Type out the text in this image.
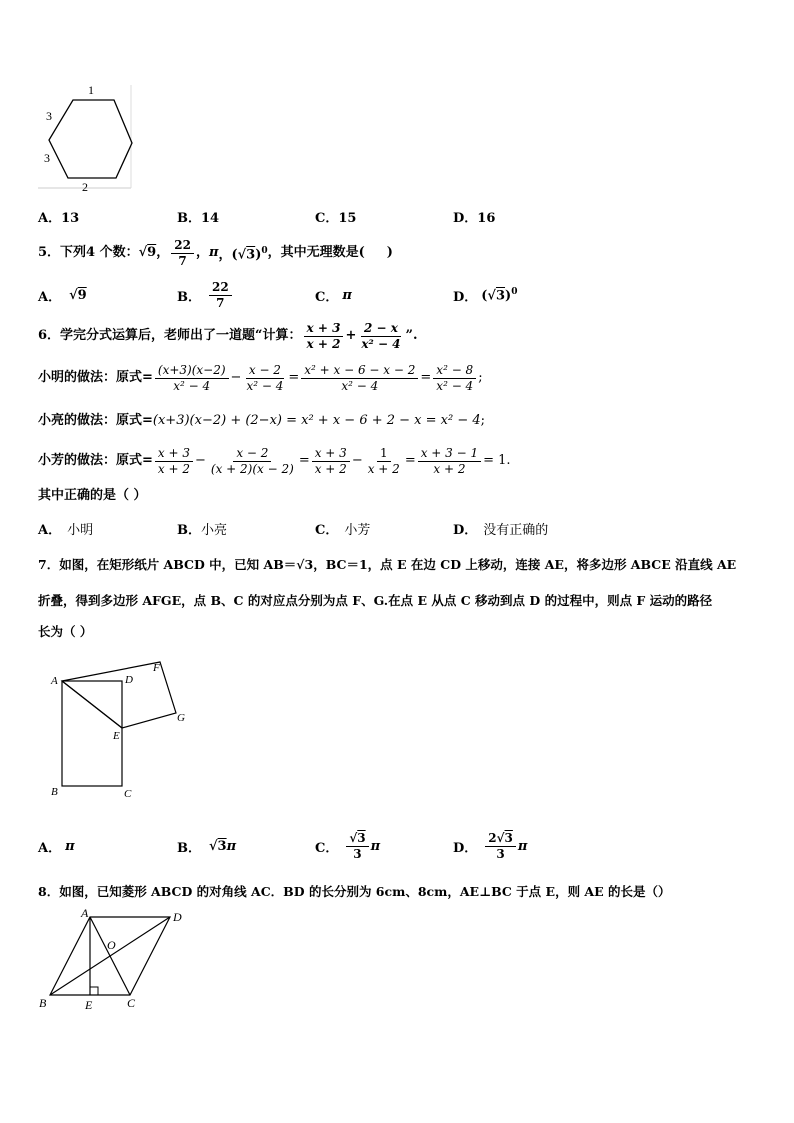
1
3
3
2
A．13	B．14	C．15	D．16
5．下列4 个数： √9 ， $\frac{22}{7}$ ， π ，$(√3)^0$ ，其中无理数是( )
A． √9	B． $\frac{22}{7}$	C． π	D． $(√3)^0$
6．学完分式运算后，老师出了一道题“计算： $\frac{x + 3}{x + 2} + \frac{2 - x}{\text{x² − 4}}$ ”.
小明的做法：原式= $\frac{(x+3)(x-2)}{\text{x² − 4}} - \frac{x - 2}{\text{x² − 4}} = \frac{\text{x² + x − 6 − x − 2}}{\text{x² − 4}} = \frac{\text{x² − 8}}{\text{x² − 4}}$ ;
小亮的做法：原式= (x+3)(x−2) + (2−x) = x² + x − 6 + 2 − x = x² − 4 ;
小芳的做法：原式= $\frac{x + 3}{x + 2} - \frac{x - 2}{(x + 2)(x - 2)} = \frac{x + 3}{x + 2} - \frac{1}{x + 2} = \frac{x + 3 - 1}{x + 2} = 1$ .
其中正确的是（ ）
A． 小明	B．小亮	C． 小芳	D． 没有正确的
7．如图，在矩形纸片 ABCD 中，已知 AB＝√3，BC＝1，点 E 在边 CD 上移动，连接 AE，将多边形 ABCE 沿直线 AE
折叠，得到多边形 AFGE，点 B、C 的对应点分别为点 F、G.在点 E 从点 C 移动到点 D 的过程中，则点 F 运动的路径
长为（ ）
A	D
F
G
E
B	C
A． π	B． √3 π	C． $\frac{√3}{3}$ π	D． $\frac{2√3}{3}$ π
8．如图，已知菱形 ABCD 的对角线 AC．BD 的长分别为 6cm、8cm，AE⊥BC 于点 E，则 AE 的长是（）
A	D
O
B	E	C
